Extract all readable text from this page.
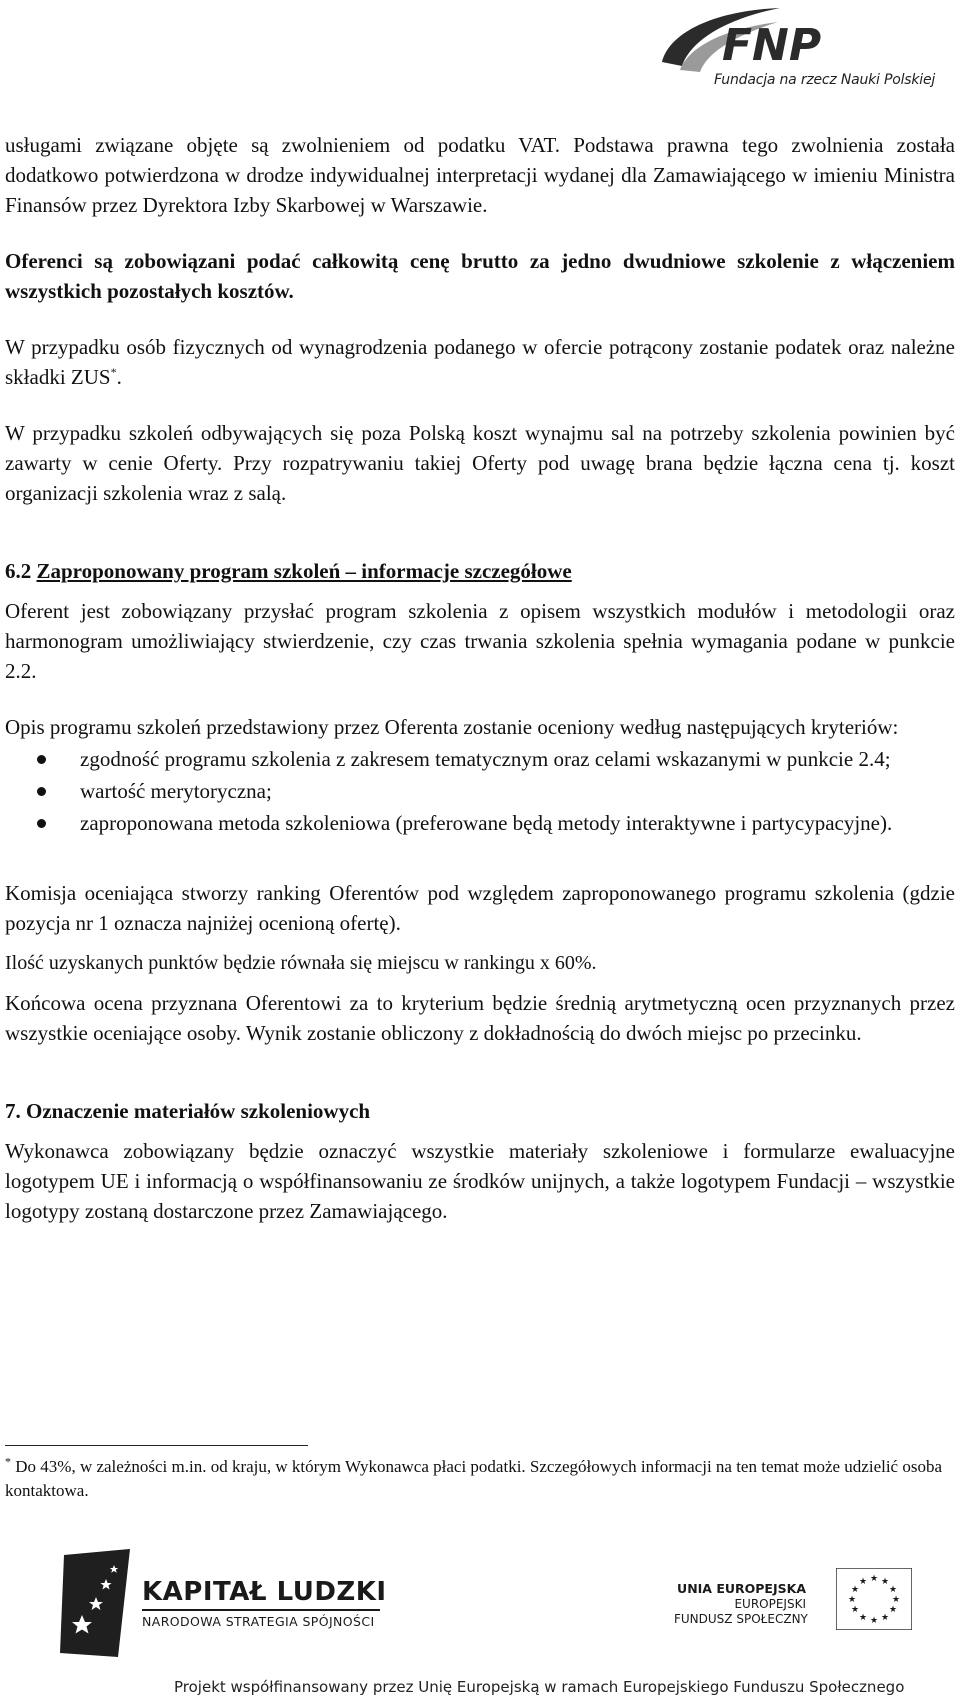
FNP
Fundacja na rzecz Nauki Polskiej

usługami związane objęte są zwolnieniem od podatku VAT. Podstawa prawna tego zwolnienia została dodatkowo potwierdzona w drodze indywidualnej interpretacji wydanej dla Zamawiającego w imieniu Ministra Finansów przez Dyrektora Izby Skarbowej w Warszawie.

Oferenci są zobowiązani podać całkowitą cenę brutto za jedno dwudniowe szkolenie z włączeniem wszystkich pozostałych kosztów.

W przypadku osób fizycznych od wynagrodzenia podanego w ofercie potrącony zostanie podatek oraz należne składki ZUS*.

W przypadku szkoleń odbywających się poza Polską koszt wynajmu sal na potrzeby szkolenia powinien być zawarty w cenie Oferty. Przy rozpatrywaniu takiej Oferty pod uwagę brana będzie łączna cena tj. koszt organizacji szkolenia wraz z salą.

6.2 Zaproponowany program szkoleń – informacje szczegółowe

Oferent jest zobowiązany przysłać program szkolenia z opisem wszystkich modułów i metodologii oraz harmonogram umożliwiający stwierdzenie, czy czas trwania szkolenia spełnia wymagania podane w punkcie 2.2.

Opis programu szkoleń przedstawiony przez Oferenta zostanie oceniony według następujących kryteriów:

zgodność programu szkolenia z zakresem tematycznym oraz celami wskazanymi w punkcie 2.4;
wartość merytoryczna;
zaproponowana metoda szkoleniowa (preferowane będą metody interaktywne i partycypacyjne).

Komisja oceniająca stworzy ranking Oferentów pod względem zaproponowanego programu szkolenia (gdzie pozycja nr 1 oznacza najniżej ocenioną ofertę).

Ilość uzyskanych punktów będzie równała się miejscu w rankingu x 60%.

Końcowa ocena przyznana Oferentowi za to kryterium będzie średnią arytmetyczną ocen przyznanych przez wszystkie oceniające osoby. Wynik zostanie obliczony z dokładnością do dwóch miejsc po przecinku.

7. Oznaczenie materiałów szkoleniowych

Wykonawca zobowiązany będzie oznaczyć wszystkie materiały szkoleniowe i formularze ewaluacyjne logotypem UE i informacją o współfinansowaniu ze środków unijnych, a także logotypem Fundacji – wszystkie logotypy zostaną dostarczone przez Zamawiającego.

* Do 43%, w zależności m.in. od kraju, w którym Wykonawca płaci podatki. Szczegółowych informacji na ten temat może udzielić osoba kontaktowa.
KAPITAŁ LUDZKI
NARODOWA STRATEGIA SPÓJNOŚCI
UNIA EUROPEJSKA
EUROPEJSKI
FUNDUSZ SPOŁECZNY
★ ★
★
★
★
★
★
★
★
★
★
★
Projekt współfinansowany przez Unię Europejską w ramach Europejskiego Funduszu Społecznego
